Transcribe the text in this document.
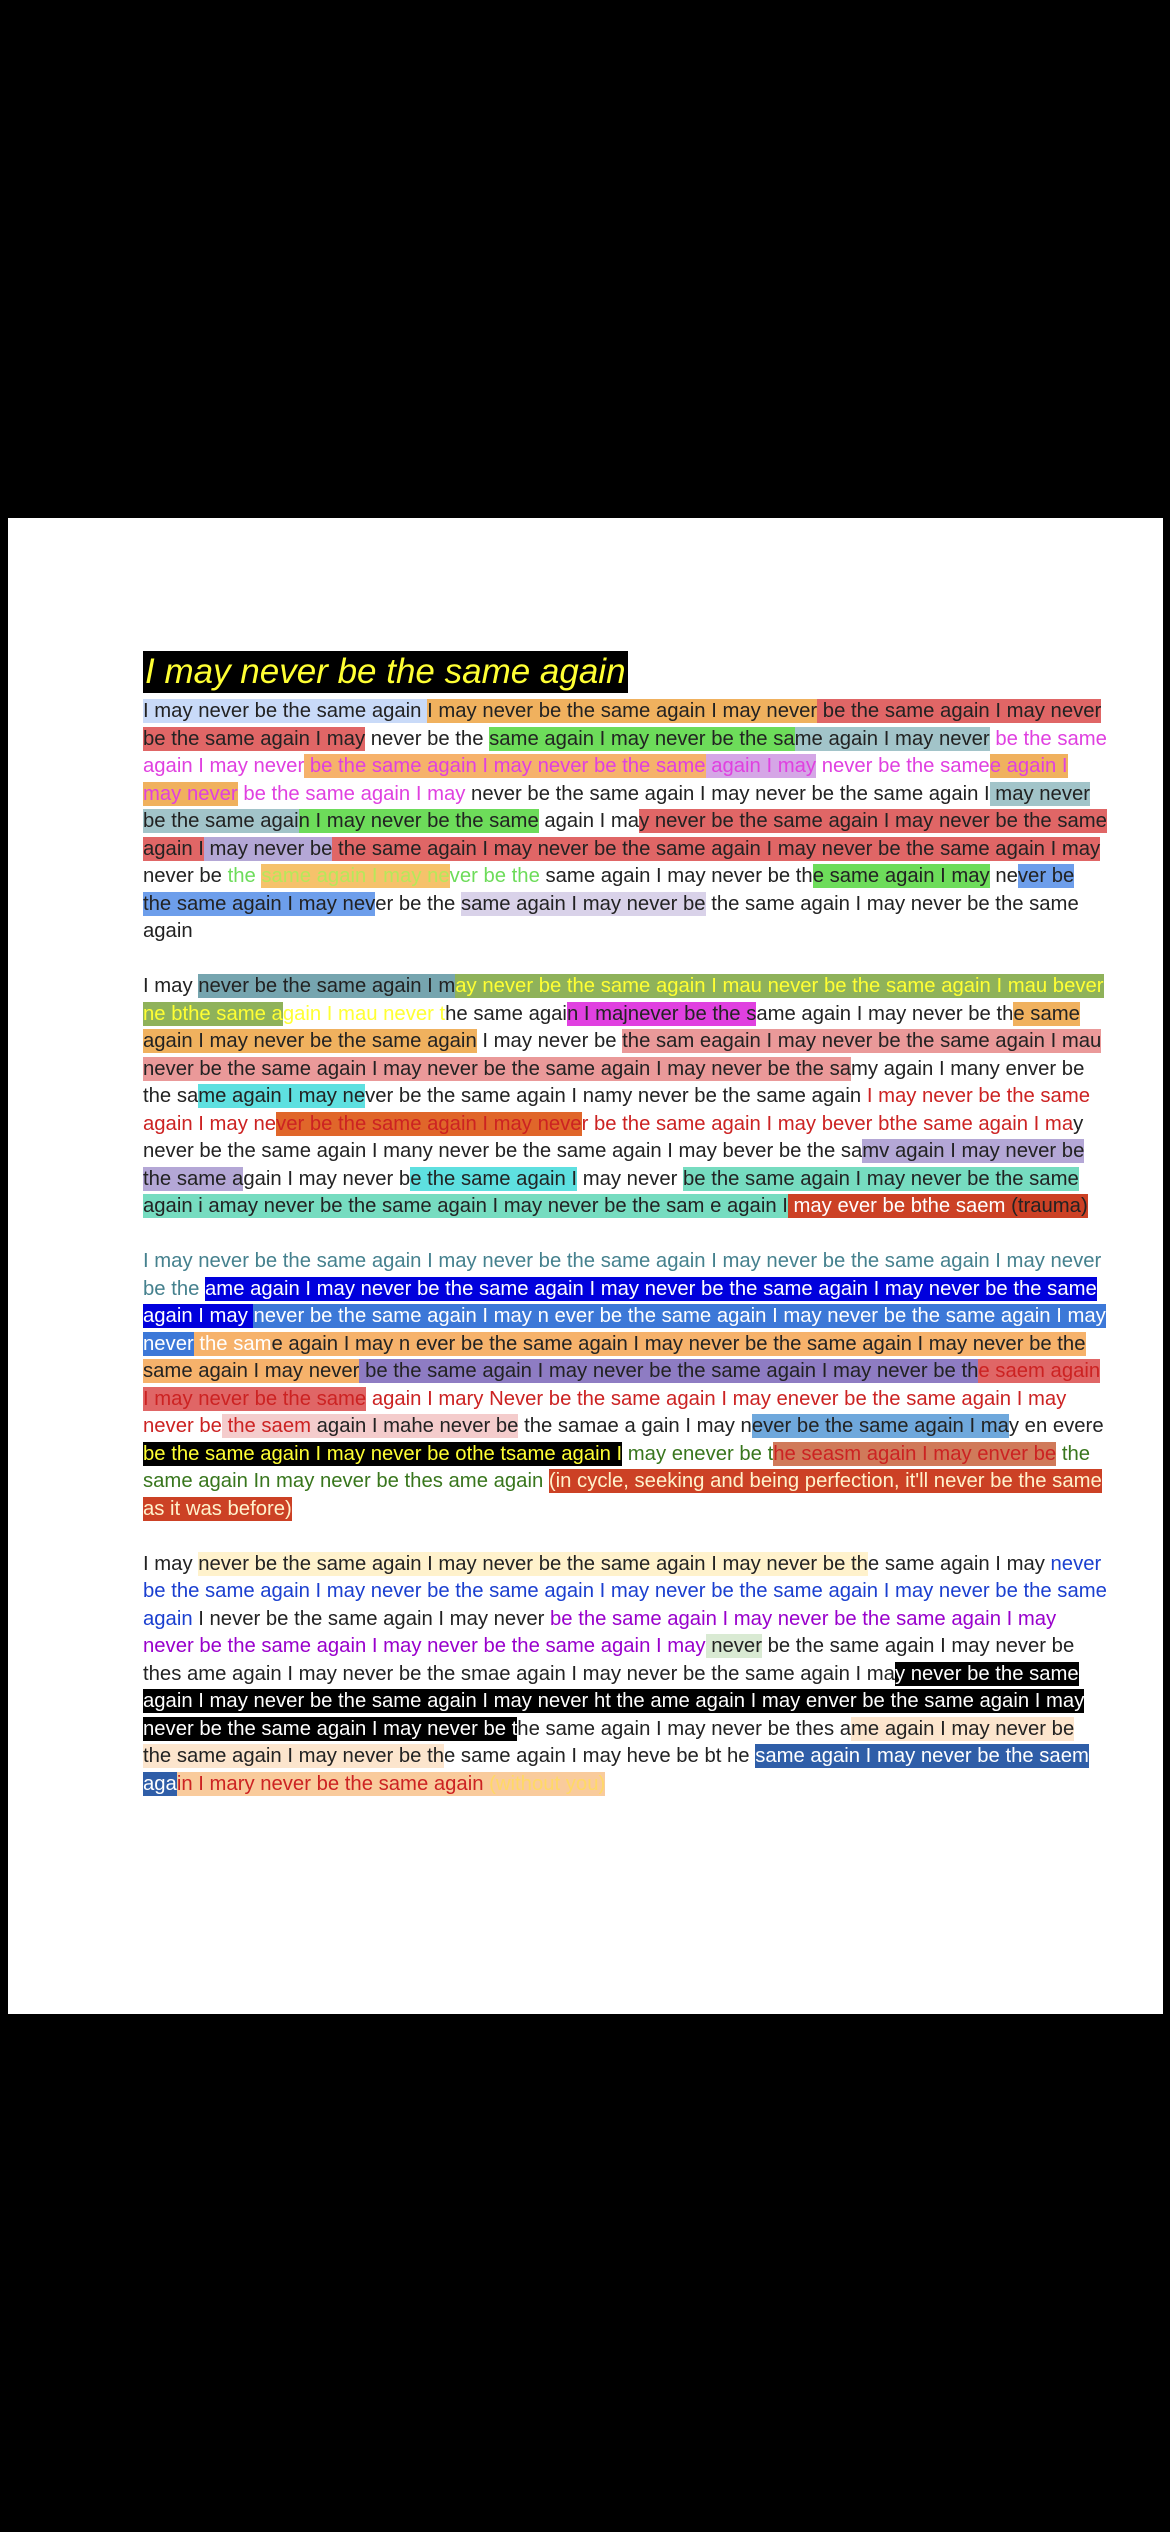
I may never be the same again
I may never be the same again I may never be the same again I may never be the same again I may never be the same again I may never be the same again I may never be the same again I may never be the same again I may never be the same again I may never be the same again I may never be the samee again I may never be the same again I may never be the same again I may never be the same again I may never be the same again I may never be the same again I may never be the same again I may never be the same again I may never be the same again I may never be the same again I may never be the same again I may never be the same again I may never be the same again I may never be the same again I may never be the same again I may never be the same again I may never be the same again I may never be the same again
I may never be the same again I may never be the same again I mau never be the same again I mau bever ne bthe same again I mau never the same again I majnever be the same again I may never be the same again I may never be the same again I may never be the sam eagain I may never be the same again I mau never be the same again I may never be the same again I may never be the samy again I many enver be the same again I may never be the same again I namy never be the same again I may never be the same again I may never be the same again I may never be the same again I may bever bthe same again I may never be the same again I many never be the same again I may bever be the samv again I may never be the same again I may never be the same again I may never be the same again I may never be the same again i amay never be the same again I may never be the sam e again I may ever be bthe saem (trauma)
I may never be the same again I may never be the same again I may never be the same again I may never be the ame again I may never be the same again I may never be the same again I may never be the same again I may never be the same again I may n ever be the same again I may never be the same again I may never the same again I may n ever be the same again I may never be the same again I may never be the same again I may never be the same again I may never be the same again I may never be the saem again I may never be the same again I mary Never be the same again I may enever be the same again I may never be the saem again I mahe never be the samae a gain I may never be the same again I may en evere be the same again I may never be othe tsame again I may enever be the seasm again I may enver be the same again In may never be thes ame again (in cycle, seeking and being perfection, it'll never be the same as it was before)
I may never be the same again I may never be the same again I may never be the same again I may never be the same again I may never be the same again I may never be the same again I may never be the same again I never be the same again I may never be the same again I may never be the same again I may never be the same again I may never be the same again I may never be the same again I may never be thes ame again I may never be the smae again I may never be the same again I may never be the same again I may never be the same again I may never ht the ame again I may enver be the same again I may never be the same again I may never be the same again I may never be thes ame again I may never be the same again I may never be the same again I may heve be bt he same again I may never be the saem again I mary never be the same again (without you)
